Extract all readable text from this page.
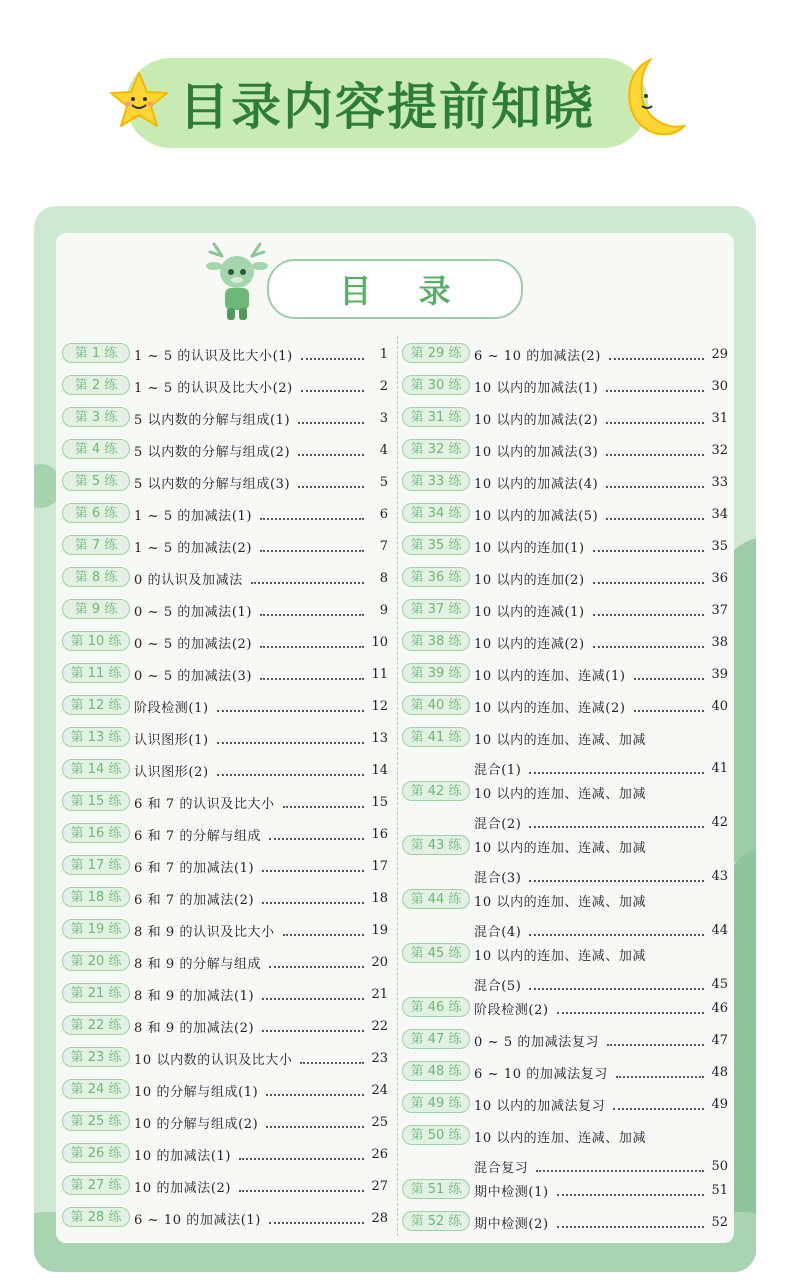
目录内容提前知晓
目 录
第 1 练	1 ~ 5 的认识及比大小(1)	1
第 2 练	1 ~ 5 的认识及比大小(2)	2
第 3 练	5 以内数的分解与组成(1)	3
第 4 练	5 以内数的分解与组成(2)	4
第 5 练	5 以内数的分解与组成(3)	5
第 6 练	1 ~ 5 的加减法(1)	6
第 7 练	1 ~ 5 的加减法(2)	7
第 8 练	0 的认识及加减法	8
第 9 练	0 ~ 5 的加减法(1)	9
第 10 练 0 ~ 5 的加减法(2)	10
第 11 练 0 ~ 5 的加减法(3)	11
第 12 练 阶段检测(1)	12
第 13 练 认识图形(1)	13
第 14 练 认识图形(2)	14
第 15 练 6 和 7 的认识及比大小	15
第 16 练 6 和 7 的分解与组成	16
第 17 练 6 和 7 的加减法(1)	17
第 18 练 6 和 7 的加减法(2)	18
第 19 练 8 和 9 的认识及比大小	19
第 20 练 8 和 9 的分解与组成	20
第 21 练 8 和 9 的加减法(1)	21
第 22 练 8 和 9 的加减法(2)	22
第 23 练 10 以内数的认识及比大小	23
第 24 练 10 的分解与组成(1)	24
第 25 练 10 的分解与组成(2)	25
第 26 练 10 的加减法(1)	26
第 27 练 10 的加减法(2)	27
第 28 练 6 ~ 10 的加减法(1)	28
第 29 练 6 ~ 10 的加减法(2)	29
第 30 练 10 以内的加减法(1)	30
第 31 练 10 以内的加减法(2)	31
第 32 练 10 以内的加减法(3)	32
第 33 练 10 以内的加减法(4)	33
第 34 练 10 以内的加减法(5)	34
第 35 练 10 以内的连加(1)	35
第 36 练 10 以内的连加(2)	36
第 37 练 10 以内的连减(1)	37
第 38 练 10 以内的连减(2)	38
第 39 练 10 以内的连加、连减(1)	39
第 40 练 10 以内的连加、连减(2)	40
第 41 练 10 以内的连加、连减、加减
混合(1)	41
第 42 练 10 以内的连加、连减、加减
混合(2)	42
第 43 练 10 以内的连加、连减、加减
混合(3)	43
第 44 练 10 以内的连加、连减、加减
混合(4)	44
第 45 练 10 以内的连加、连减、加减
混合(5)	45
第 46 练 阶段检测(2)	46
第 47 练 0 ~ 5 的加减法复习	47
第 48 练 6 ~ 10 的加减法复习	48
第 49 练 10 以内的加减法复习	49
第 50 练 10 以内的连加、连减、加减
混合复习	50
第 51 练 期中检测(1)	51
第 52 练 期中检测(2)	52
